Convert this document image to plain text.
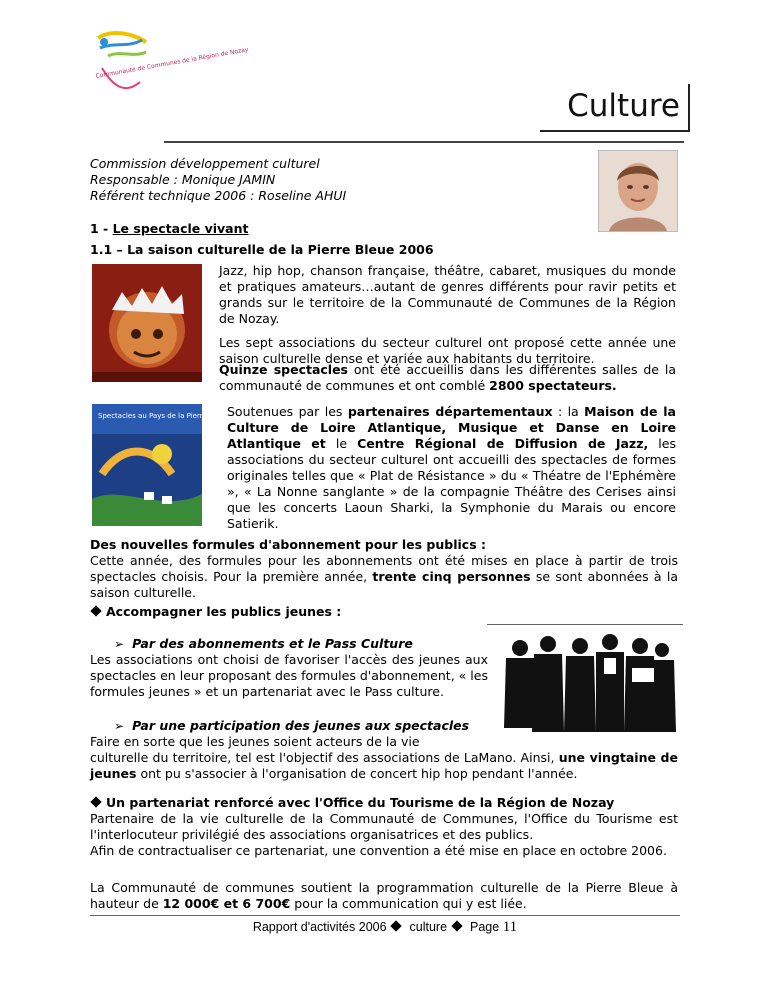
Communauté de Communes de la Région de Nozay
Culture
Commission développement culturel
Responsable : Monique JAMIN
Référent technique 2006 : Roseline AHUI
1 - Le spectacle vivant
1.1 – La saison culturelle de la Pierre Bleue 2006
Jazz, hip hop, chanson française, théâtre, cabaret, musiques du monde et pratiques amateurs…autant de genres différents pour ravir petits et grands sur le territoire de la Communauté de Communes de la Région de Nozay.
Les sept associations du secteur culturel ont proposé cette année une saison culturelle dense et variée aux habitants du territoire.
Quinze spectacles ont été accueillis dans les différentes salles de la communauté de communes et ont comblé 2800 spectateurs.
Spectacles au Pays de la Pierre Bleue
Soutenues par les partenaires départementaux : la Maison de la Culture de Loire Atlantique, Musique et Danse en Loire Atlantique et le Centre Régional de Diffusion de Jazz, les associations du secteur culturel ont accueilli des spectacles de formes originales telles que « Plat de Résistance » du « Théatre de l'Ephémère », « La Nonne sanglante » de la compagnie Théâtre des Cerises ainsi que les concerts Laoun Sharki, la Symphonie du Marais ou encore Satierik.
Des nouvelles formules d'abonnement pour les publics :
Cette année, des formules pour les abonnements ont été mises en place à partir de trois spectacles choisis. Pour la première année, trente cinq personnes se sont abonnées à la saison culturelle.
Accompagner les publics jeunes :
➢ Par des abonnements et le Pass Culture
Les associations ont choisi de favoriser l'accès des jeunes aux spectacles en leur proposant des formules d'abonnement, « les formules jeunes » et un partenariat avec le Pass culture.
➢ Par une participation des jeunes aux spectacles
Faire en sorte que les jeunes soient acteurs de la vie
culturelle du territoire, tel est l'objectif des associations de LaMano. Ainsi, une vingtaine de jeunes ont pu s'associer à l'organisation de concert hip hop pendant l'année.
Un partenariat renforcé avec l'Office du Tourisme de la Région de Nozay
Partenaire de la vie culturelle de la Communauté de Communes, l'Office du Tourisme est l'interlocuteur privilégié des associations organisatrices et des publics.
Afin de contractualiser ce partenariat, une convention a été mise en place en octobre 2006.
La Communauté de communes soutient la programmation culturelle de la Pierre Bleue à hauteur de 12 000€ et 6 700€ pour la communication qui y est liée.
Rapport d'activités 2006 culture Page 11
